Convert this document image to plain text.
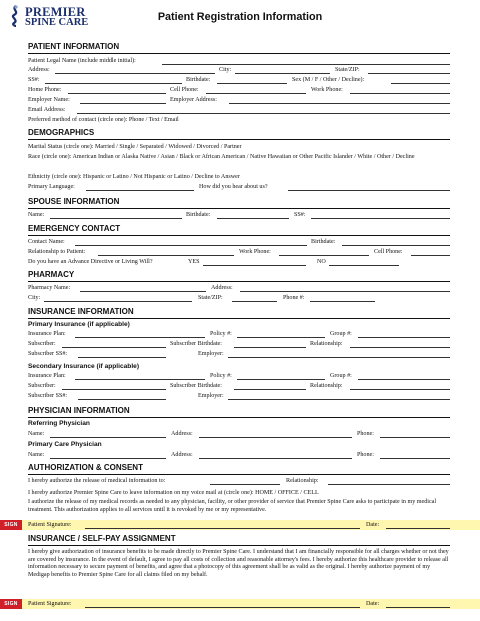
PREMIER
SPINE CARE	Patient Registration Information
PATIENT INFORMATION
Patient Legal Name (include middle initial):
Address:	City:	State/ZIP:
SS#:	Birthdate:	Sex (M / F / Other / Decline):
Home Phone:	Cell Phone:	Work Phone:
Employer Name:	Employer Address:
Email Address:
Preferred method of contact (circle one): Phone / Text / Email
DEMOGRAPHICS
Marital Status (circle one): Married / Single / Separated / Widowed / Divorced / Partner
Race (circle one): American Indian or Alaska Native / Asian / Black or African American / Native Hawaiian or Other Pacific Islander / White / Other / Decline
Ethnicity (circle one): Hispanic or Latino / Not Hispanic or Latino / Decline to Answer
Primary Language:	How did you hear about us?
SPOUSE INFORMATION
Name:	Birthdate:	SS#:
EMERGENCY CONTACT
Contact Name:	Birthdate:
Relationship to Patient:	Work Phone:	Cell Phone:
Do you have an Advance Directive or Living Will?	YES	NO
PHARMACY
Pharmacy Name:	Address:
City:	State/ZIP:	Phone #:
INSURANCE INFORMATION
Primary Insurance (if applicable)
Insurance Plan:	Policy #:	Group #:
Subscriber:	Subscriber Birthdate:	Relationship:
Subscriber SS#:	Employer:
Secondary Insurance (if applicable)
Insurance Plan:	Policy #:	Group #:
Subscriber:	Subscriber Birthdate:	Relationship:
Subscriber SS#:	Employer:
PHYSICIAN INFORMATION
Referring Physician
Name:	Address:	Phone:
Primary Care Physician
Name:	Address:	Phone:
AUTHORIZATION & CONSENT
I hereby authorize the release of medical information to:	Relationship:
I hereby authorize Premier Spine Care to leave information on my voice mail at (circle one): HOME / OFFICE / CELL
I authorize the release of my medical records as needed to any physician, facility, or other provider of service that Premier Spine Care asks to participate in my medical treatment. This authorization applies to all services until it is revoked by me or my representative.
SIGN	Patient Signature:	Date:
INSURANCE / SELF-PAY ASSIGNMENT
I hereby give authorization of insurance benefits to be made directly to Premier Spine Care. I understand that I am financially responsible for all charges whether or not they are covered by insurance. In the event of default, I agree to pay all costs of collection and reasonable attorney's fees. I hereby authorize this healthcare provider to release all information necessary to secure payment of benefits, and agree that a photocopy of this agreement shall be as valid as the original. I hereby authorize payment of my Medigap benefits to Premier Spine Care for all claims filed on my behalf.
SIGN	Patient Signature:	Date:
